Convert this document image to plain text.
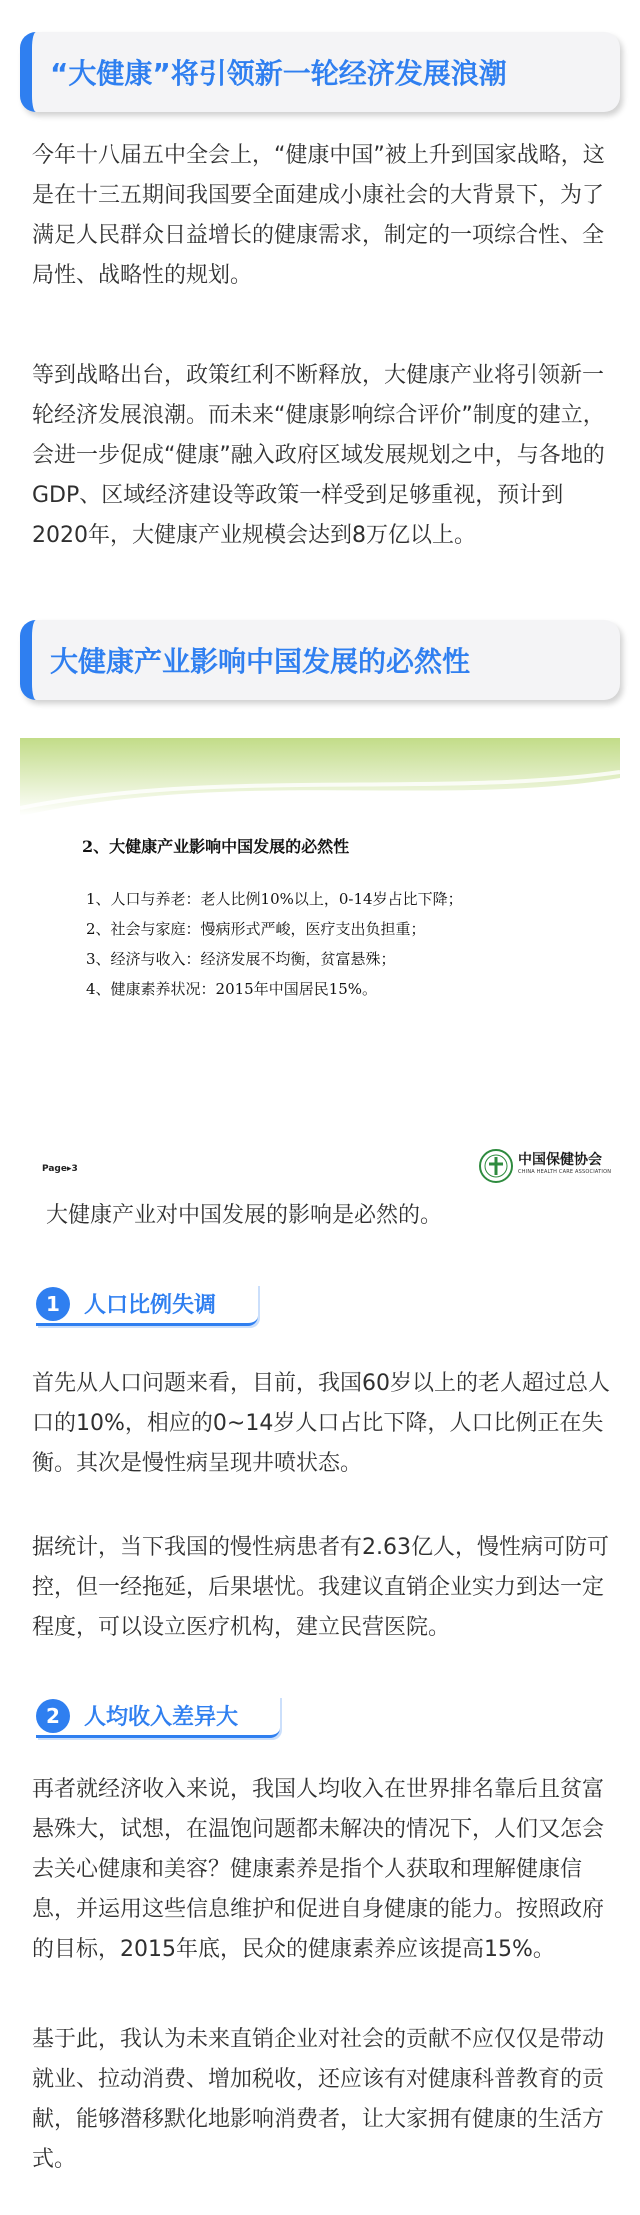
“大健康”将引领新一轮经济发展浪潮

今年十八届五中全会上，“健康中国”被上升到国家战略，这是在十三五期间我国要全面建成小康社会的大背景下，为了满足人民群众日益增长的健康需求，制定的一项综合性、全局性、战略性的规划。

等到战略出台，政策红利不断释放，大健康产业将引领新一轮经济发展浪潮。而未来“健康影响综合评价”制度的建立，会进一步促成“健康”融入政府区域发展规划之中，与各地的GDP、区域经济建设等政策一样受到足够重视，预计到2020年，大健康产业规模会达到8万亿以上。

大健康产业影响中国发展的必然性
2、大健康产业影响中国发展的必然性
1、人口与养老：老人比例10%以上，0-14岁占比下降；
2、社会与家庭：慢病形式严峻，医疗支出负担重；
3、经济与收入：经济发展不均衡，贫富悬殊；
4、健康素养状况：2015年中国居民15%。
Page▸3
中国保健协会
CHINA HEALTH CARE ASSOCIATION

大健康产业对中国发展的影响是必然的。

1	人口比例失调

首先从人口问题来看，目前，我国60岁以上的老人超过总人口的10%，相应的0~14岁人口占比下降，人口比例正在失衡。其次是慢性病呈现井喷状态。

据统计，当下我国的慢性病患者有2.63亿人，慢性病可防可控，但一经拖延，后果堪忧。我建议直销企业实力到达一定程度，可以设立医疗机构，建立民营医院。

2	人均收入差异大

再者就经济收入来说，我国人均收入在世界排名靠后且贫富悬殊大，试想，在温饱问题都未解决的情况下，人们又怎会去关心健康和美容？健康素养是指个人获取和理解健康信息，并运用这些信息维护和促进自身健康的能力。按照政府的目标，2015年底，民众的健康素养应该提高15%。

基于此，我认为未来直销企业对社会的贡献不应仅仅是带动就业、拉动消费、增加税收，还应该有对健康科普教育的贡献，能够潜移默化地影响消费者，让大家拥有健康的生活方式。
